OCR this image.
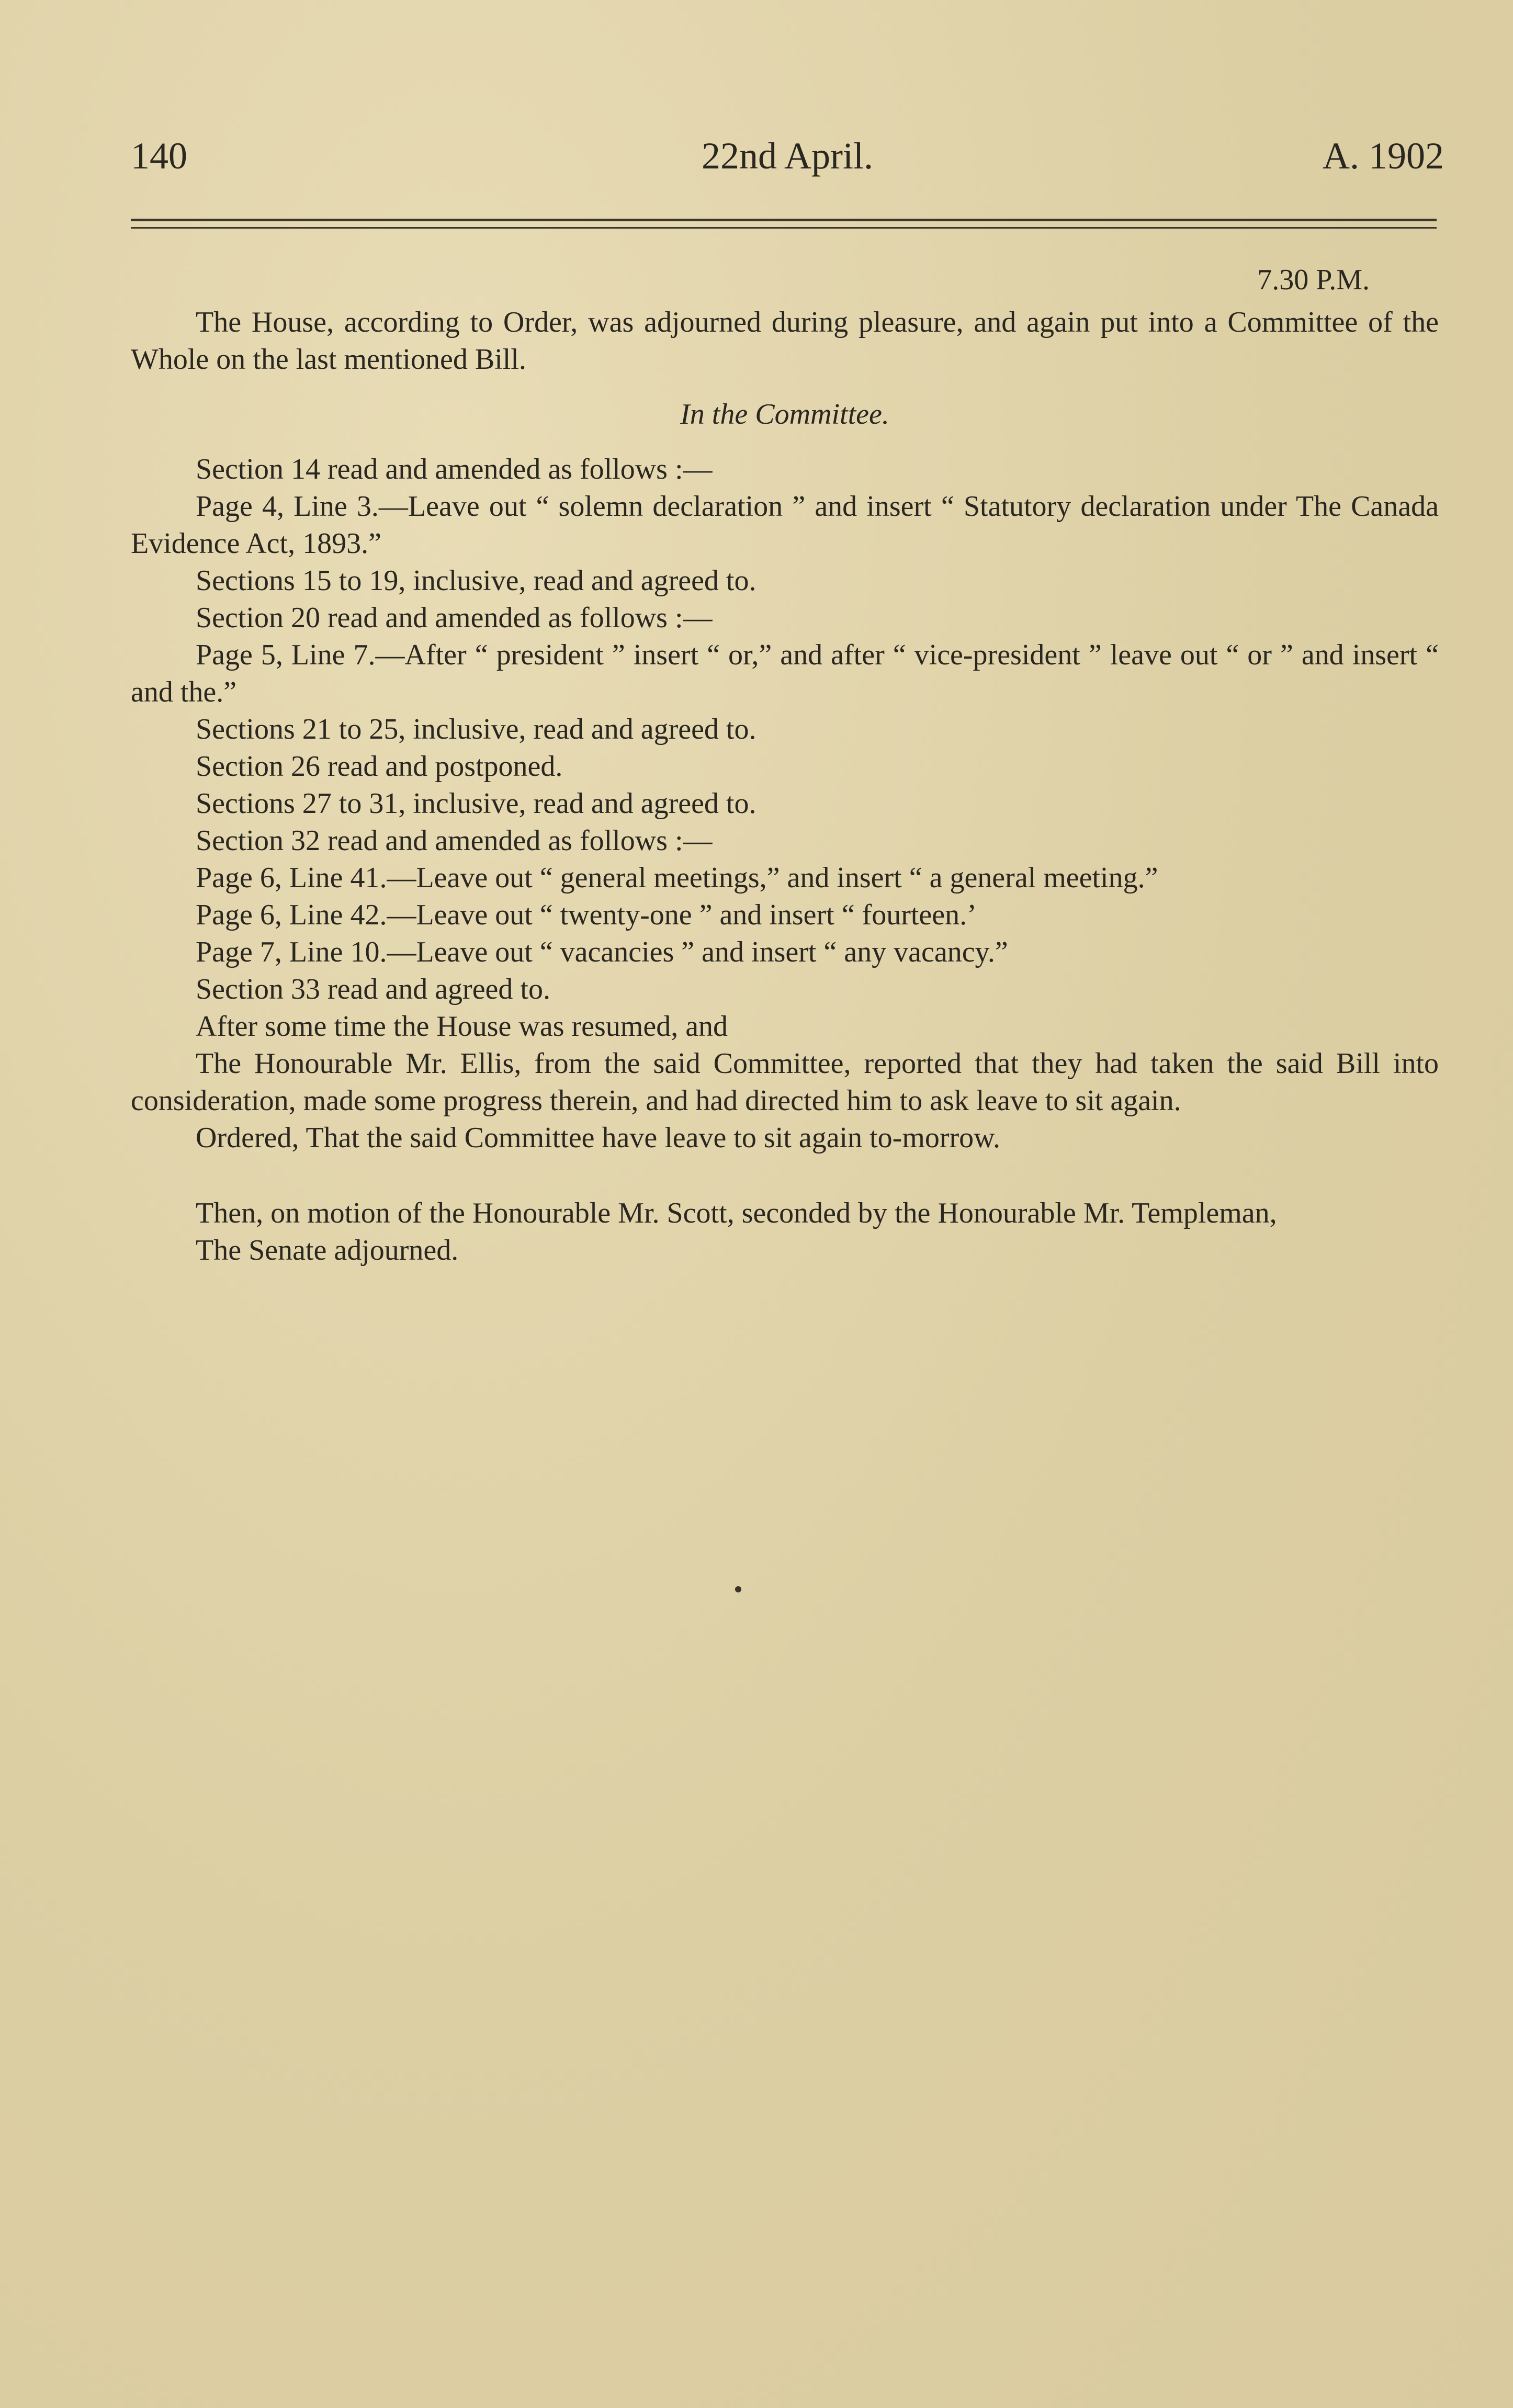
140	22nd April.	A. 1902

7.30 P.M.

The House, according to Order, was adjourned during pleasure, and again put into a Committee of the Whole on the last mentioned Bill.

In the Committee.

Section 14 read and amended as follows :—

Page 4, Line 3.—Leave out “ solemn declaration ” and insert “ Statutory declaration under The Canada Evidence Act, 1893.”

Sections 15 to 19, inclusive, read and agreed to.

Section 20 read and amended as follows :—

Page 5, Line 7.—After “ president ” insert “ or,” and after “ vice-president ” leave out “ or ” and insert “ and the.”

Sections 21 to 25, inclusive, read and agreed to.

Section 26 read and postponed.

Sections 27 to 31, inclusive, read and agreed to.

Section 32 read and amended as follows :—

Page 6, Line 41.—Leave out “ general meetings,” and insert “ a general meeting.”

Page 6, Line 42.—Leave out “ twenty-one ” and insert “ fourteen.’

Page 7, Line 10.—Leave out “ vacancies ” and insert “ any vacancy.”

Section 33 read and agreed to.

After some time the House was resumed, and

The Honourable Mr. Ellis, from the said Committee, reported that they had taken the said Bill into consideration, made some progress therein, and had directed him to ask leave to sit again.

Ordered, That the said Committee have leave to sit again to-morrow.

Then, on motion of the Honourable Mr. Scott, seconded by the Honourable Mr. Templeman,

The Senate adjourned.
